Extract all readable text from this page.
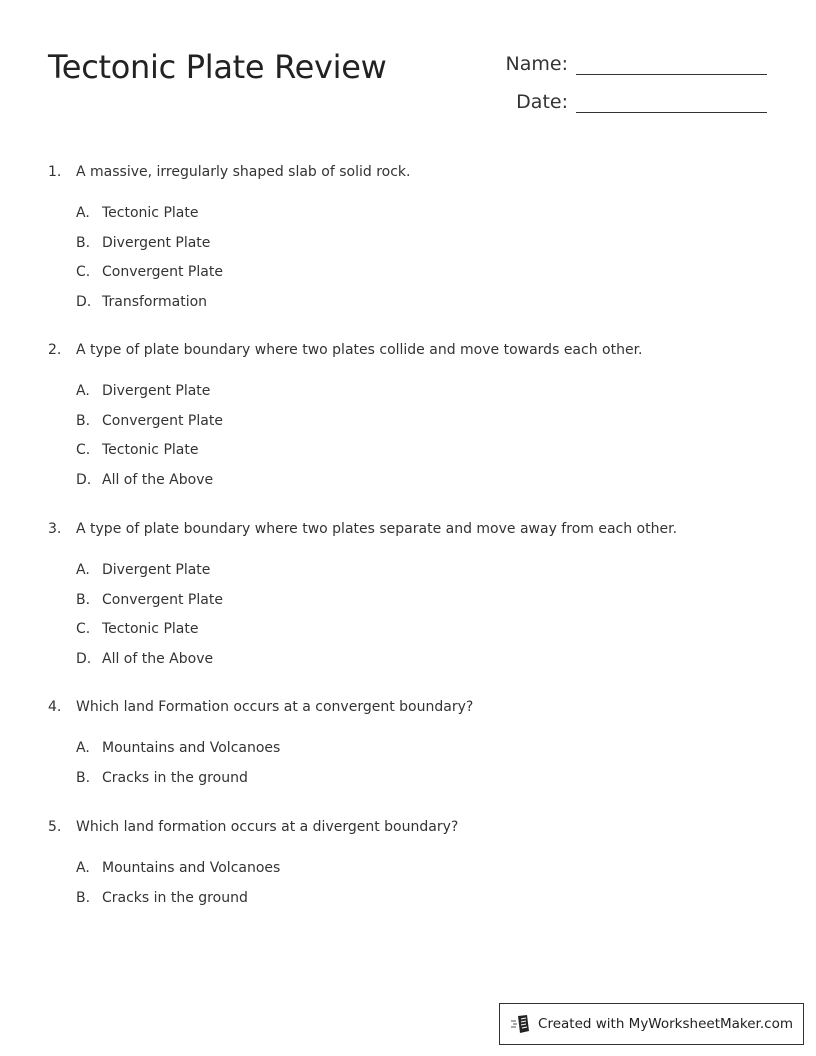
Tectonic Plate Review	Name:
Date:
1.	A massive, irregularly shaped slab of solid rock.
A. Tectonic Plate
B. Divergent Plate
C. Convergent Plate
D. Transformation
2.	A type of plate boundary where two plates collide and move towards each other.
A. Divergent Plate
B. Convergent Plate
C. Tectonic Plate
D. All of the Above
3.	A type of plate boundary where two plates separate and move away from each other.
A. Divergent Plate
B. Convergent Plate
C. Tectonic Plate
D. All of the Above
4.	Which land Formation occurs at a convergent boundary?
A. Mountains and Volcanoes
B. Cracks in the ground
5.	Which land formation occurs at a divergent boundary?
A. Mountains and Volcanoes
B. Cracks in the ground
Created with MyWorksheetMaker.com
